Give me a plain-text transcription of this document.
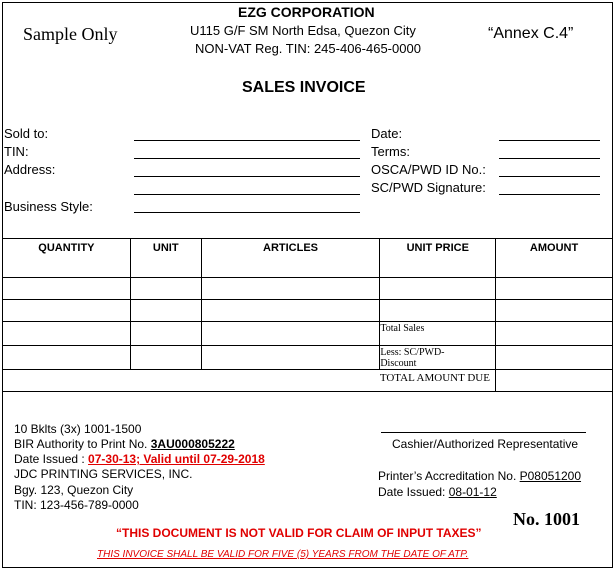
Sample Only
EZG CORPORATION
U115 G/F SM North Edsa, Quezon City
NON-VAT Reg. TIN: 245-406-465-0000
“Annex C.4”
SALES INVOICE
Sold to:
TIN:
Address:
Business Style:
Date:
Terms:
OSCA/PWD ID No.:
SC/PWD Signature:
QUANTITY	UNIT	ARTICLES	UNIT PRICE	AMOUNT

			Total Sales	

			Less: SC/PWD-
Discount	

			TOTAL AMOUNT DUE	
10 Bklts (3x) 1001-1500
BIR Authority to Print No. 3AU000805222
Date Issued : 07-30-13; Valid until 07-29-2018
JDC PRINTING SERVICES, INC.
Bgy. 123, Quezon City
TIN: 123-456-789-0000
Cashier/Authorized Representative
Printer’s Accreditation No. P08051200
Date Issued: 08-01-12
No. 1001
“THIS DOCUMENT IS NOT VALID FOR CLAIM OF INPUT TAXES”
THIS INVOICE SHALL BE VALID FOR FIVE (5) YEARS FROM THE DATE OF ATP.
